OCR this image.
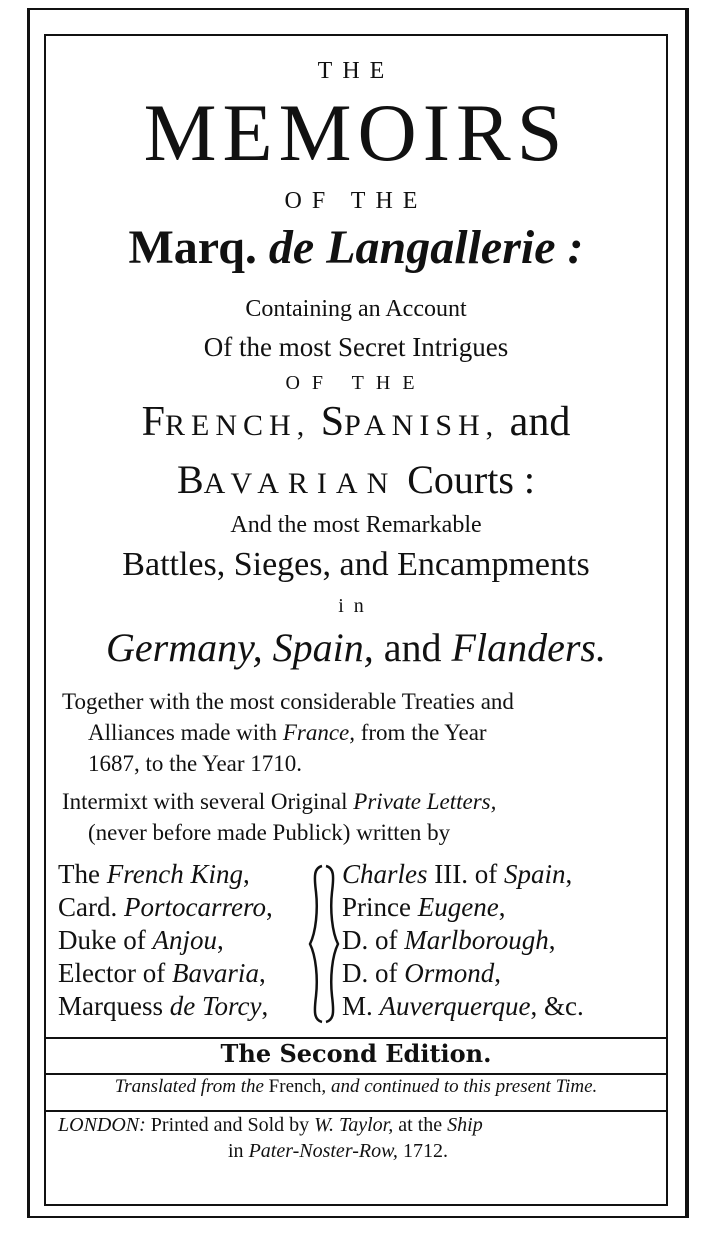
THE
MEMOIRS
OF THE
Marq. de Langallerie :
Containing an Account
Of the most Secret Intrigues
OF THE
FRENCH, SPANISH, and
BAVARIAN Courts :
And the most Remarkable
Battles, Sieges, and Encampments
in
Germany, Spain, and Flanders.
Together with the most considerable Treaties and
Alliances made with France, from the Year
1687, to the Year 1710.
Intermixt with several Original Private Letters,
(never before made Publick) written by
The French King,
Card. Portocarrero,
Duke of Anjou,
Elector of Bavaria,
Marquess de Torcy,
Charles III. of Spain,
Prince Eugene,
D. of Marlborough,
D. of Ormond,
M. Auverquerque, &c.
The Second Edition.
Translated from the French, and continued to this present Time.
LONDON: Printed and Sold by W. Taylor, at the Ship
in Pater-Noster-Row, 1712.
